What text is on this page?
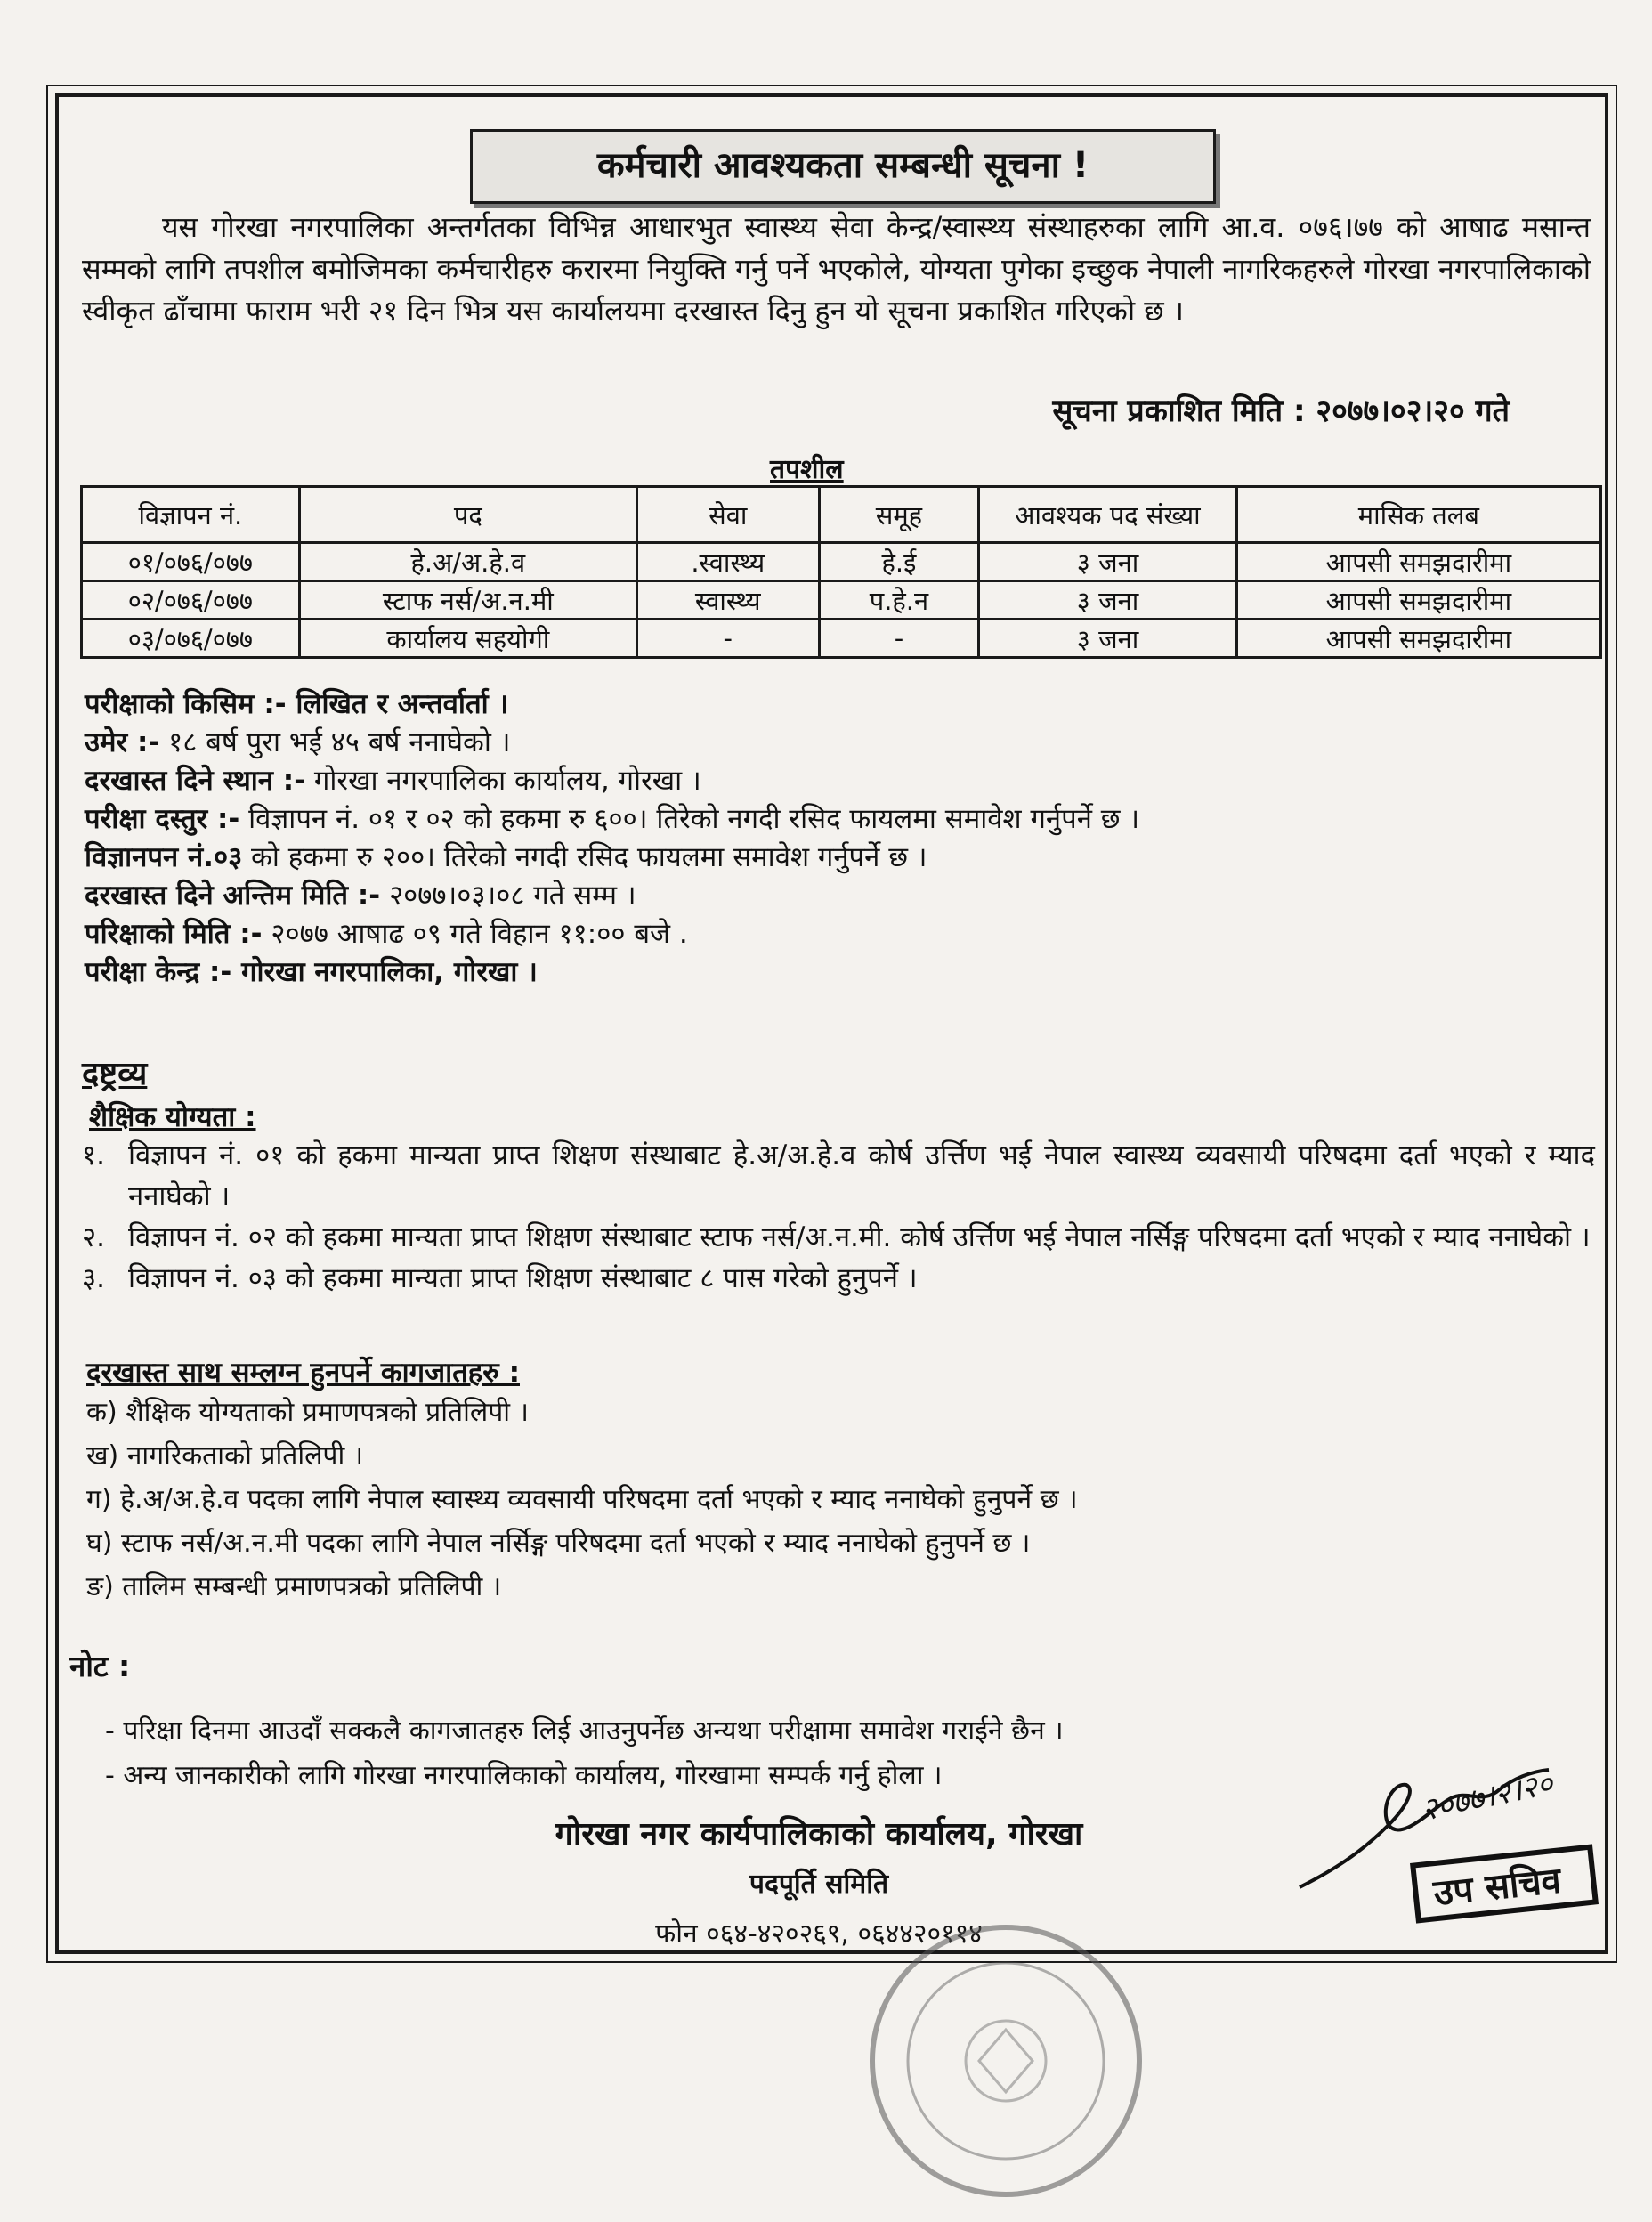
कर्मचारी आवश्यकता सम्बन्धी सूचना !
यस गोरखा नगरपालिका अन्तर्गतका विभिन्न आधारभुत स्वास्थ्य सेवा केन्द्र/स्वास्थ्य संस्थाहरुका लागि आ.व. ०७६।७७ को आषाढ मसान्त सम्मको लागि तपशील बमोजिमका कर्मचारीहरु करारमा नियुक्ति गर्नु पर्ने भएकोले, योग्यता पुगेका इच्छुक नेपाली नागरिकहरुले गोरखा नगरपालिकाको स्वीकृत ढाँचामा फाराम भरी २१ दिन भित्र यस कार्यालयमा दरखास्त दिनु हुन यो सूचना प्रकाशित गरिएको छ ।
सूचना प्रकाशित मिति : २०७७।०२।२० गते
तपशील
विज्ञापन नं.	पद	सेवा	समूह	आवश्यक पद संख्या	मासिक तलब
०१/०७६/०७७	हे.अ/अ.हे.व	.स्वास्थ्य	हे.ई	३ जना	आपसी समझदारीमा
०२/०७६/०७७	स्टाफ नर्स/अ.न.मी	स्वास्थ्य	प.हे.न	३ जना	आपसी समझदारीमा
०३/०७६/०७७	कार्यालय सहयोगी	-	-	३ जना	आपसी समझदारीमा
परीक्षाको किसिम :- लिखित र अन्तर्वार्ता ।
उमेर :- १८ बर्ष पुरा भई ४५ बर्ष ननाघेको ।
दरखास्त दिने स्थान :- गोरखा नगरपालिका कार्यालय, गोरखा ।
परीक्षा दस्तुर :- विज्ञापन नं. ०१ र ०२ को हकमा रु ६००। तिरेको नगदी रसिद फायलमा समावेश गर्नुपर्ने छ ।
विज्ञानपन नं.०३ को हकमा रु २००। तिरेको नगदी रसिद फायलमा समावेश गर्नुपर्ने छ ।
दरखास्त दिने अन्तिम मिति :- २०७७।०३।०८ गते सम्म ।
परिक्षाको मिति :- २०७७ आषाढ ०९ गते विहान ११:०० बजे .
परीक्षा केन्द्र :- गोरखा नगरपालिका, गोरखा ।
दष्ट्रव्य
शैक्षिक योग्यता :
१. विज्ञापन नं. ०१ को हकमा मान्यता प्राप्त शिक्षण संस्थाबाट हे.अ/अ.हे.व कोर्ष उर्त्तिण भई नेपाल स्वास्थ्य व्यवसायी परिषदमा दर्ता भएको र म्याद ननाघेको ।
२. विज्ञापन नं. ०२ को हकमा मान्यता प्राप्त शिक्षण संस्थाबाट स्टाफ नर्स/अ.न.मी. कोर्ष उर्त्तिण भई नेपाल नर्सिङ्ग परिषदमा दर्ता भएको र म्याद ननाघेको ।
३. विज्ञापन नं. ०३ को हकमा मान्यता प्राप्त शिक्षण संस्थाबाट ८ पास गरेको हुनुपर्ने ।
दरखास्त साथ सम्लग्न हुनपर्ने कागजातहरु :
क) शैक्षिक योग्यताको प्रमाणपत्रको प्रतिलिपी ।
ख) नागरिकताको प्रतिलिपी ।
ग) हे.अ/अ.हे.व पदका लागि नेपाल स्वास्थ्य व्यवसायी परिषदमा दर्ता भएको र म्याद ननाघेको हुनुपर्ने छ ।
घ) स्टाफ नर्स/अ.न.मी पदका लागि नेपाल नर्सिङ्ग परिषदमा दर्ता भएको र म्याद ननाघेको हुनुपर्ने छ ।
ङ) तालिम सम्बन्धी प्रमाणपत्रको प्रतिलिपी ।
नोट :
- परिक्षा दिनमा आउदाँ सक्कलै कागजातहरु लिई आउनुपर्नेछ अन्यथा परीक्षामा समावेश गराईने छैन ।
- अन्य जानकारीको लागि गोरखा नगरपालिकाको कार्यालय, गोरखामा सम्पर्क गर्नु होला ।
गोरखा नगर कार्यपालिकाको कार्यालय, गोरखा
पदपूर्ति समिति
फोन ०६४-४२०२६९, ०६४४२०११४
२०७७।२।२०
उप सचिव
